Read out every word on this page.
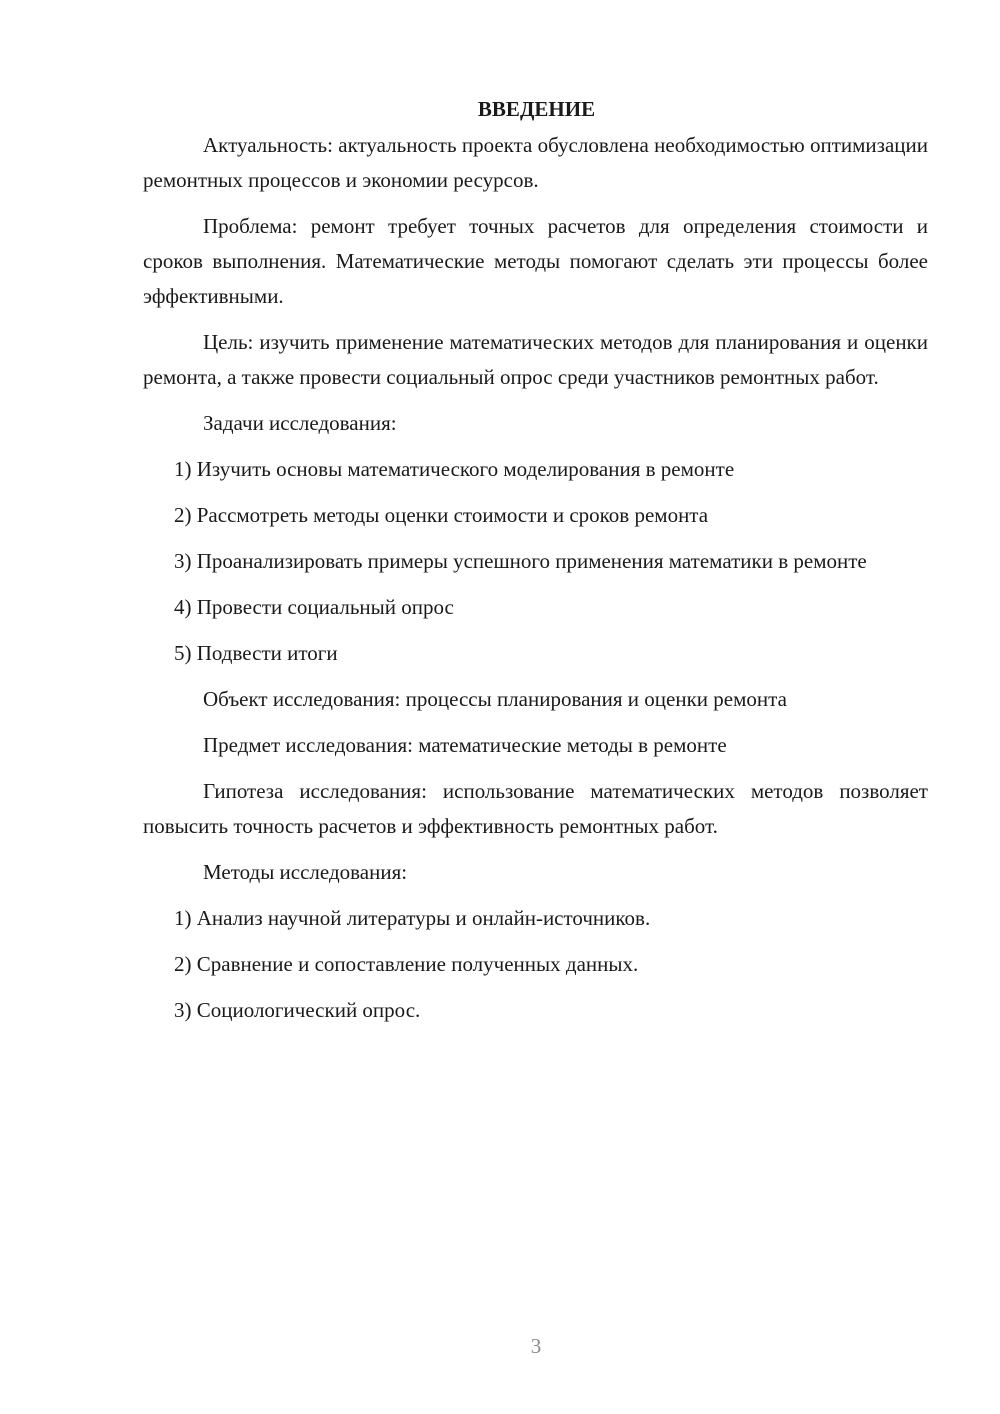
ВВЕДЕНИЕ

Актуальность: актуальность проекта обусловлена необходимостью оптимизации ремонтных процессов и экономии ресурсов.

Проблема: ремонт требует точных расчетов для определения стоимости и сроков выполнения. Математические методы помогают сделать эти процессы более эффективными.

Цель: изучить применение математических методов для планирования и оценки ремонта, а также провести социальный опрос среди участников ремонтных работ.

Задачи исследования:

1) Изучить основы математического моделирования в ремонте

2) Рассмотреть методы оценки стоимости и сроков ремонта

3) Проанализировать примеры успешного применения математики в ремонте

4) Провести социальный опрос

5) Подвести итоги

Объект исследования: процессы планирования и оценки ремонта

Предмет исследования: математические методы в ремонте

Гипотеза исследования: использование математических методов позволяет повысить точность расчетов и эффективность ремонтных работ.

Методы исследования:

1) Анализ научной литературы и онлайн-источников.

2) Сравнение и сопоставление полученных данных.

3) Социологический опрос.

3
